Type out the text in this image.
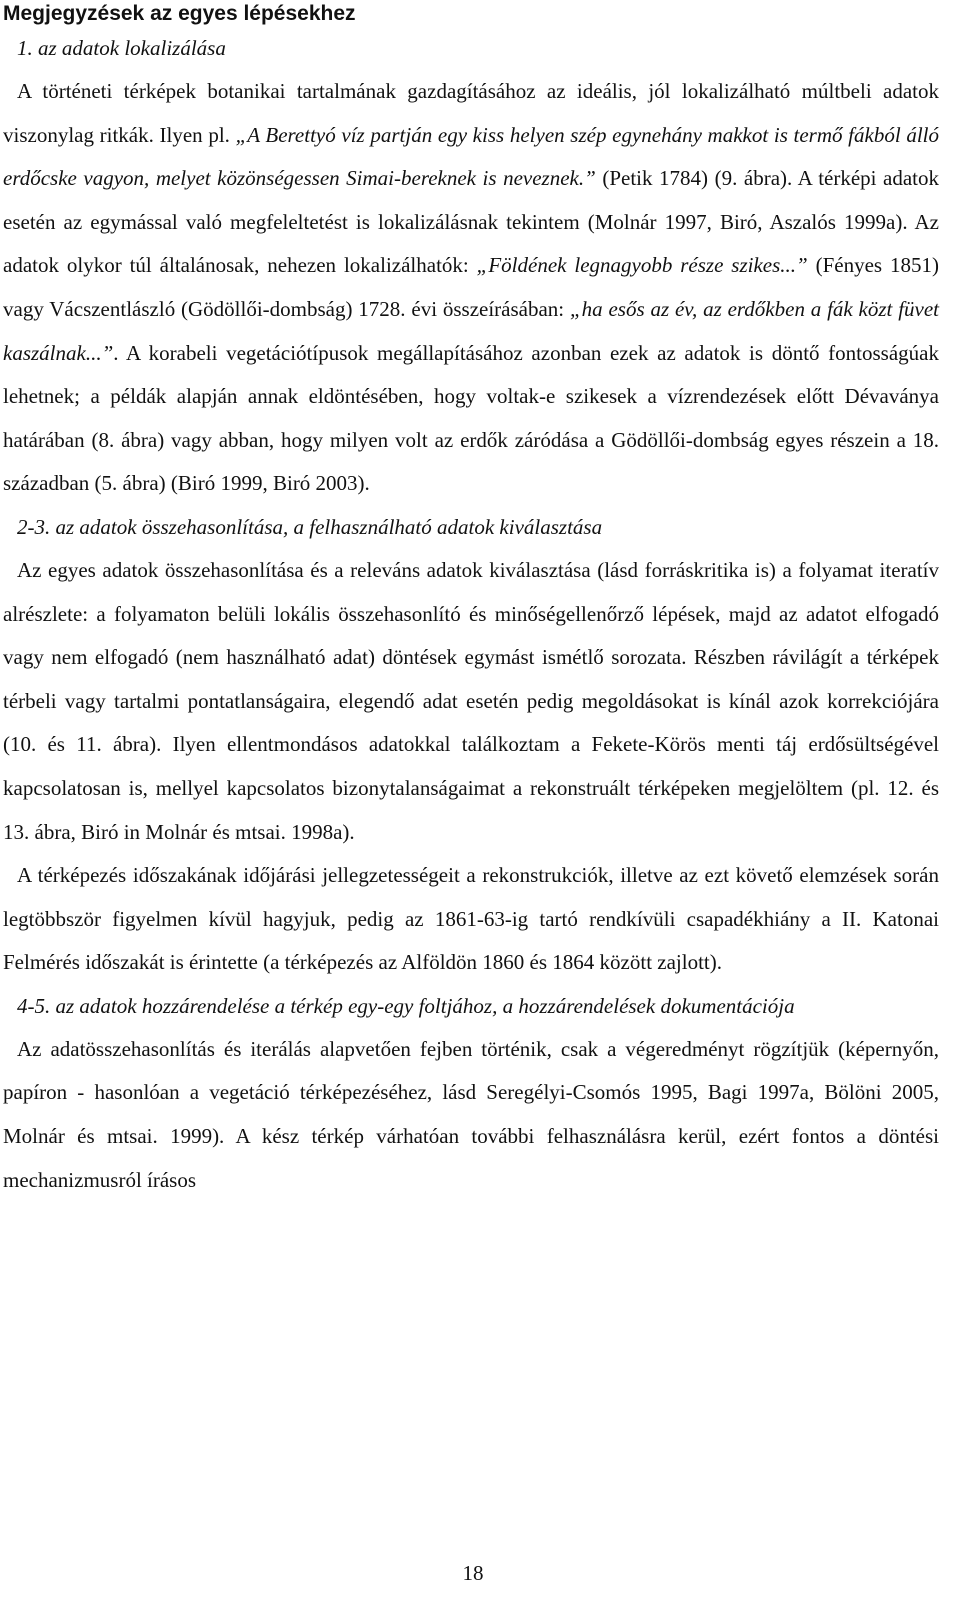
Megjegyzések az egyes lépésekhez
1. az adatok lokalizálása

A történeti térképek botanikai tartalmának gazdagításához az ideális, jól lokalizálható múltbeli adatok viszonylag ritkák. Ilyen pl. „A Berettyó víz partján egy kiss helyen szép egynehány makkot is termő fákból álló erdőcske vagyon, melyet közönségessen Simai-bereknek is neveznek.” (Petik 1784) (9. ábra). A térképi adatok esetén az egymással való megfeleltetést is lokalizálásnak tekintem (Molnár 1997, Biró, Aszalós 1999a). Az adatok olykor túl általánosak, nehezen lokalizálhatók: „Földének legnagyobb része szikes...” (Fényes 1851) vagy Vácszentlászló (Gödöllői-dombság) 1728. évi összeírásában: „ha esős az év, az erdőkben a fák közt füvet kaszálnak...”. A korabeli vegetációtípusok megállapításához azonban ezek az adatok is döntő fontosságúak lehetnek; a példák alapján annak eldöntésében, hogy voltak-e szikesek a vízrendezések előtt Dévaványa határában (8. ábra) vagy abban, hogy milyen volt az erdők záródása a Gödöllői-dombság egyes részein a 18. században (5. ábra) (Biró 1999, Biró 2003).

2-3. az adatok összehasonlítása, a felhasználható adatok kiválasztása

Az egyes adatok összehasonlítása és a releváns adatok kiválasztása (lásd forráskritika is) a folyamat iteratív alrészlete: a folyamaton belüli lokális összehasonlító és minőségellenőrző lépések, majd az adatot elfogadó vagy nem elfogadó (nem használható adat) döntések egymást ismétlő sorozata. Részben rávilágít a térképek térbeli vagy tartalmi pontatlanságaira, elegendő adat esetén pedig megoldásokat is kínál azok korrekciójára (10. és 11. ábra). Ilyen ellentmondásos adatokkal találkoztam a Fekete-Körös menti táj erdősültségével kapcsolatosan is, mellyel kapcsolatos bizonytalanságaimat a rekonstruált térképeken megjelöltem (pl. 12. és 13. ábra, Biró in Molnár és mtsai. 1998a).

A térképezés időszakának időjárási jellegzetességeit a rekonstrukciók, illetve az ezt követő elemzések során legtöbbször figyelmen kívül hagyjuk, pedig az 1861-63-ig tartó rendkívüli csapadékhiány a II. Katonai Felmérés időszakát is érintette (a térképezés az Alföldön 1860 és 1864 között zajlott).

4-5. az adatok hozzárendelése a térkép egy-egy foltjához, a hozzárendelések dokumentációja

Az adatösszehasonlítás és iterálás alapvetően fejben történik, csak a végeredményt rögzítjük (képernyőn, papíron - hasonlóan a vegetáció térképezéséhez, lásd Seregélyi-Csomós 1995, Bagi 1997a, Bölöni 2005, Molnár és mtsai. 1999). A kész térkép várhatóan további felhasználásra kerül, ezért fontos a döntési mechanizmusról írásos

18
